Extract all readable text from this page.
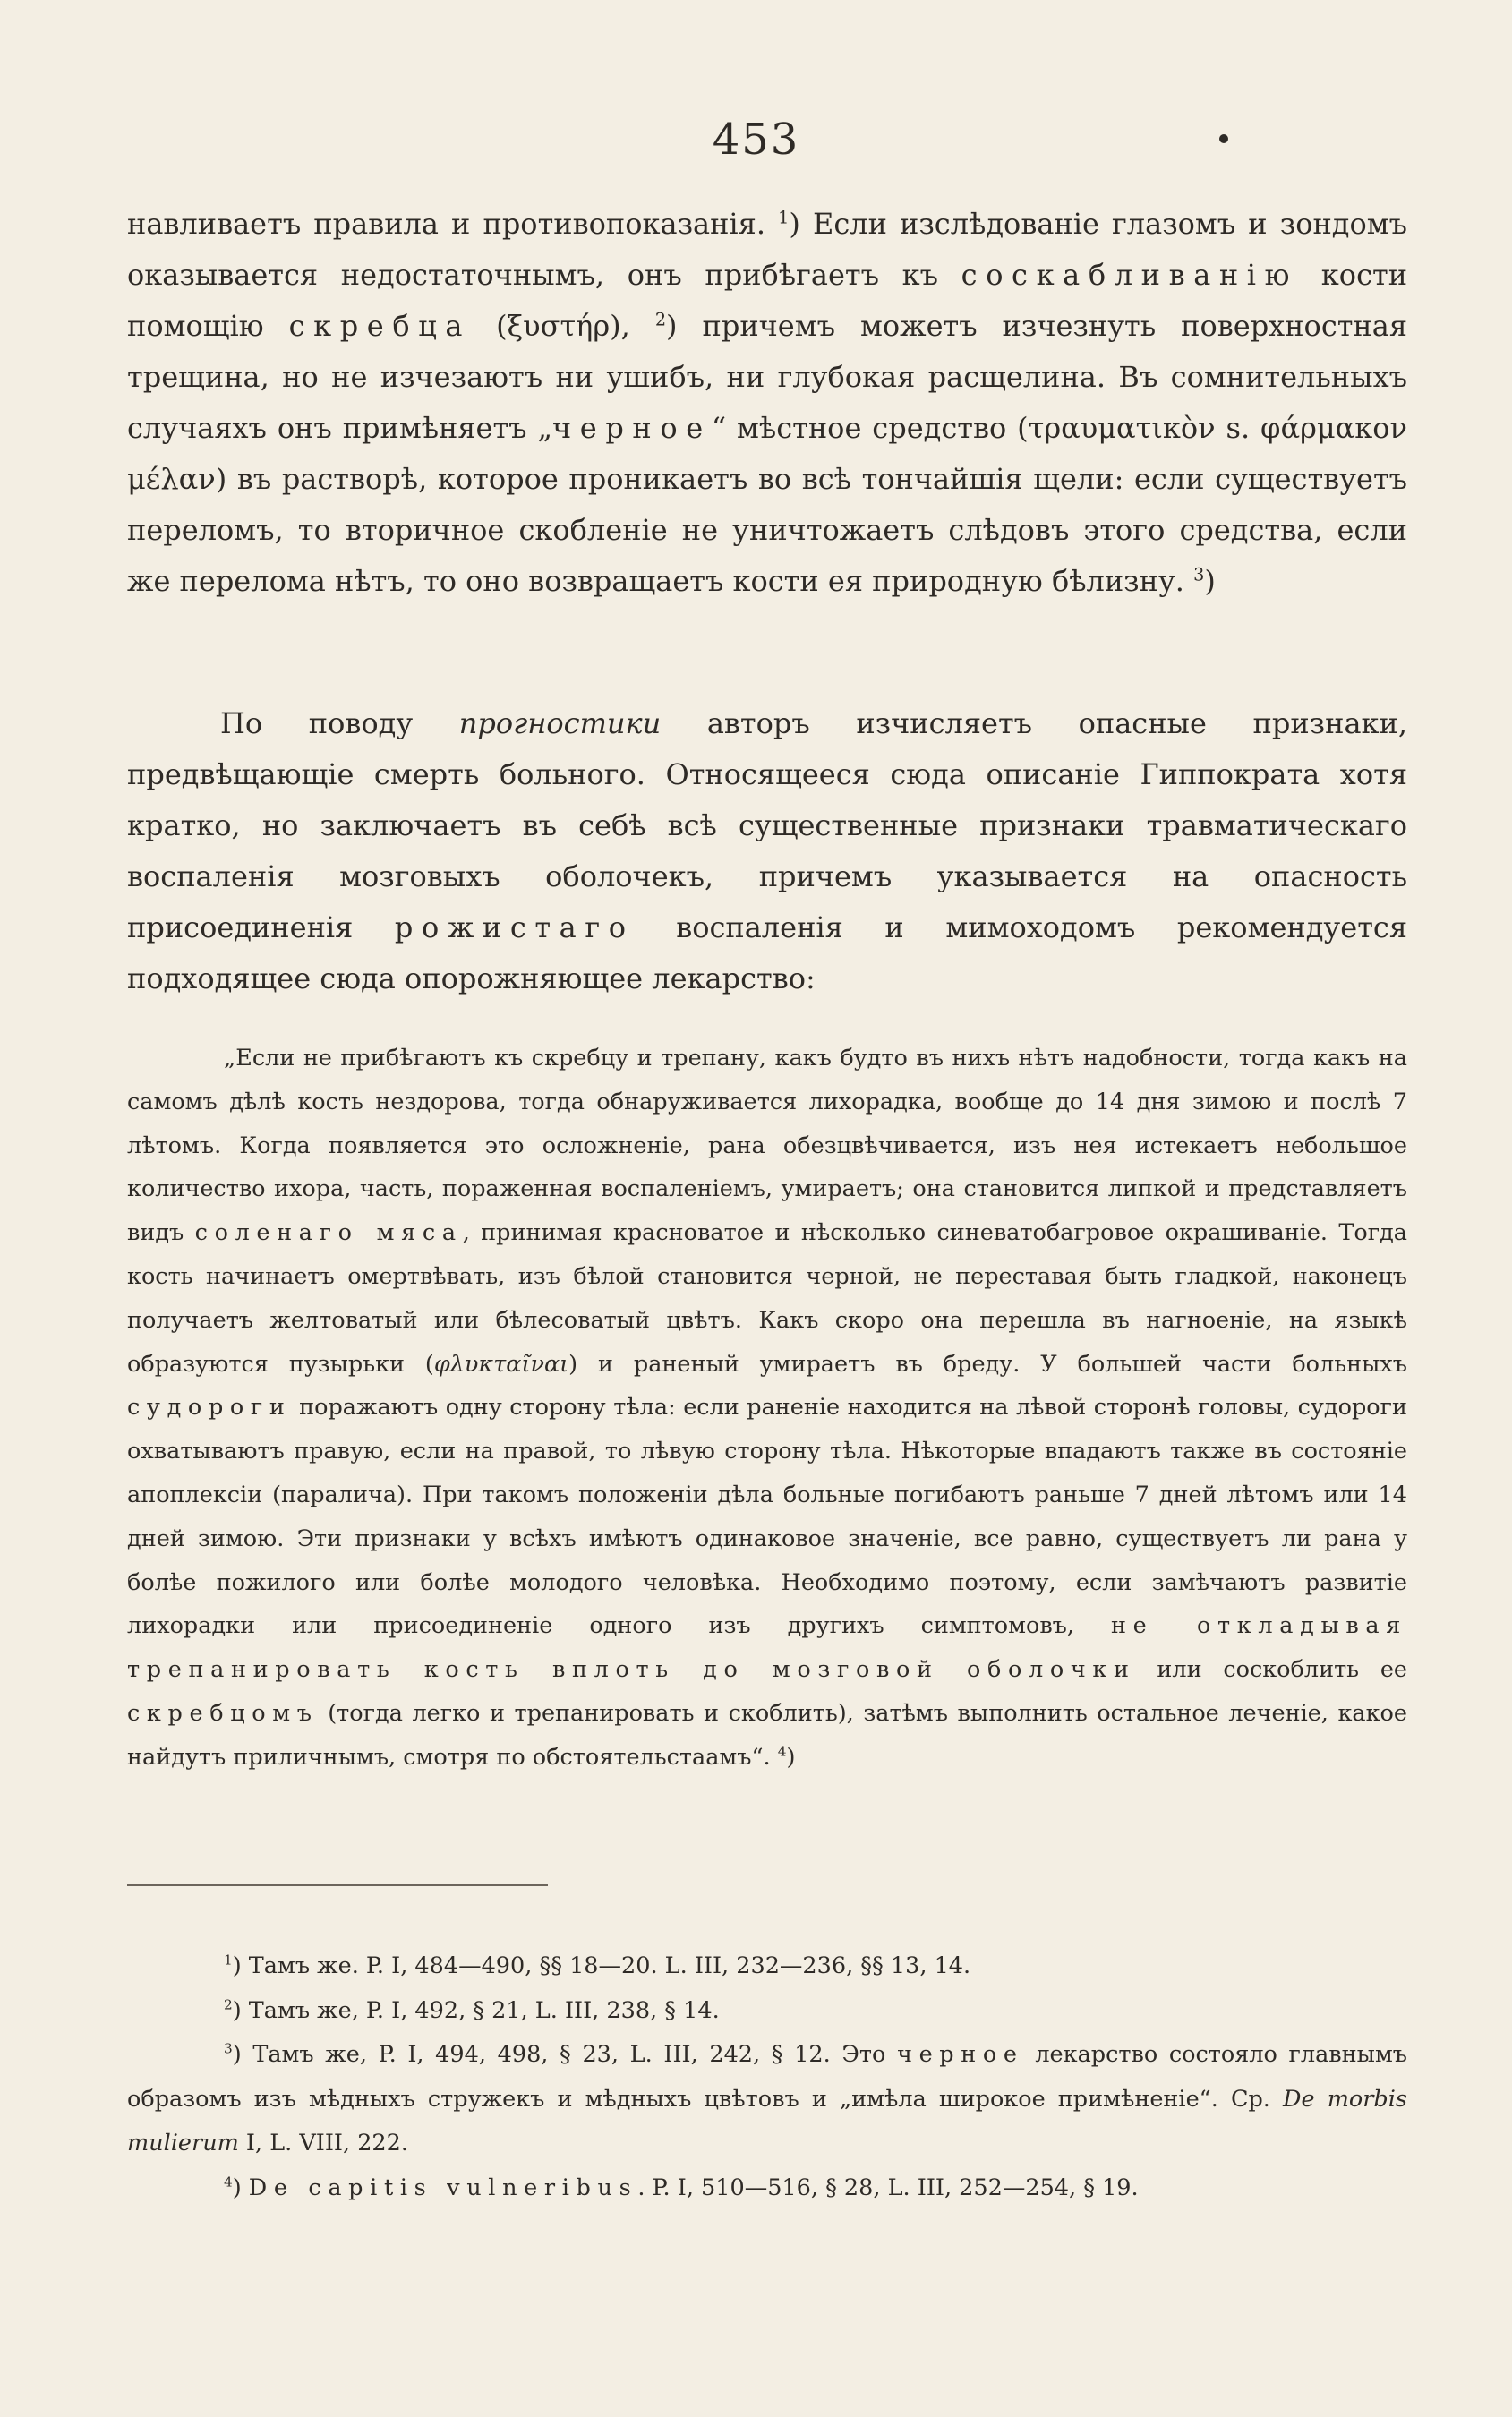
453

навливаетъ правила и противопоказанія. $^1$) Если изслѣдованіе глазомъ и зондомъ оказывается недостаточнымъ, онъ прибѣгаетъ къ соскабливанію кости помощію скребца (ξυστήρ), $^2$) причемъ можетъ изчезнуть поверхностная трещина, но не изчезаютъ ни ушибъ, ни глубокая расщелина. Въ сомнительныхъ случаяхъ онъ примѣняетъ „черное“ мѣстное средство (τραυματικὸν s. φάρμακον μέλαν) въ растворѣ, которое проникаетъ во всѣ тончайшія щели: если существуетъ переломъ, то вторичное скобленіе не уничтожаетъ слѣдовъ этого средства, если же перелома нѣтъ, то оно возвращаетъ кости ея природную бѣлизну. $^3$)

По поводу прогностики авторъ изчисляетъ опасные признаки, предвѣщающіе смерть больного. Относящееся сюда описаніе Гиппократа хотя кратко, но заключаетъ въ себѣ всѣ существенные признаки травматическаго воспаленія мозговыхъ оболочекъ, причемъ указывается на опасность присоединенія рожистаго воспаленія и мимоходомъ рекомендуется подходящее сюда опорожняющее лекарство:

„Если не прибѣгаютъ къ скребцу и трепану, какъ будто въ нихъ нѣтъ надобности, тогда какъ на самомъ дѣлѣ кость нездорова, тогда обнаруживается лихорадка, вообще до 14 дня зимою и послѣ 7 лѣтомъ. Когда появляется это осложненіе, рана обезцвѣчивается, изъ нея истекаетъ небольшое количество ихора, часть, пораженная воспаленіемъ, умираетъ; она становится липкой и представляетъ видъ соленаго мяса, принимая красноватое и нѣсколько синеватобагровое окрашиваніе. Тогда кость начинаетъ омертвѣвать, изъ бѣлой становится черной, не переставая быть гладкой, наконецъ получаетъ желтоватый или бѣлесоватый цвѣтъ. Какъ скоро она перешла въ нагноеніе, на языкѣ образуются пузырьки (φλυκταῖναι) и раненый умираетъ въ бреду. У большей части больныхъ судороги поражаютъ одну сторону тѣла: если раненіе находится на лѣвой сторонѣ головы, судороги охватываютъ правую, если на правой, то лѣвую сторону тѣла. Нѣкоторые впадаютъ также въ состояніе апоплексіи (паралича). При такомъ положеніи дѣла больные погибаютъ раньше 7 дней лѣтомъ или 14 дней зимою. Эти признаки у всѣхъ имѣютъ одинаковое значеніе, все равно, существуетъ ли рана у болѣе пожилого или болѣе молодого человѣка. Необходимо поэтому, если замѣчаютъ развитіе лихорадки или присоединеніе одного изъ другихъ симптомовъ, не откладывая трепанировать кость вплоть до мозговой оболочки или соскоблить ее скребцомъ (тогда легко и трепанировать и скоблить), затѣмъ выполнить остальное леченіе, какое найдутъ приличнымъ, смотря по обстоятельстаамъ“. $^4$)

$^1$) Тамъ же. P. I, 484—490, §§ 18—20. L. III, 232—236, §§ 13, 14.
$^2$) Тамъ же, P. I, 492, § 21, L. III, 238, § 14.
$^3$) Тамъ же, P. I, 494, 498, § 23, L. III, 242, § 12. Это черное лекарство состояло главнымъ образомъ изъ мѣдныхъ стружекъ и мѣдныхъ цвѣтовъ и „имѣла широкое примѣненіе“. Ср. De morbis mulierum I, L. VIII, 222.
$^4$) De capitis vulneribus. P. I, 510—516, § 28, L. III, 252—254, § 19.
